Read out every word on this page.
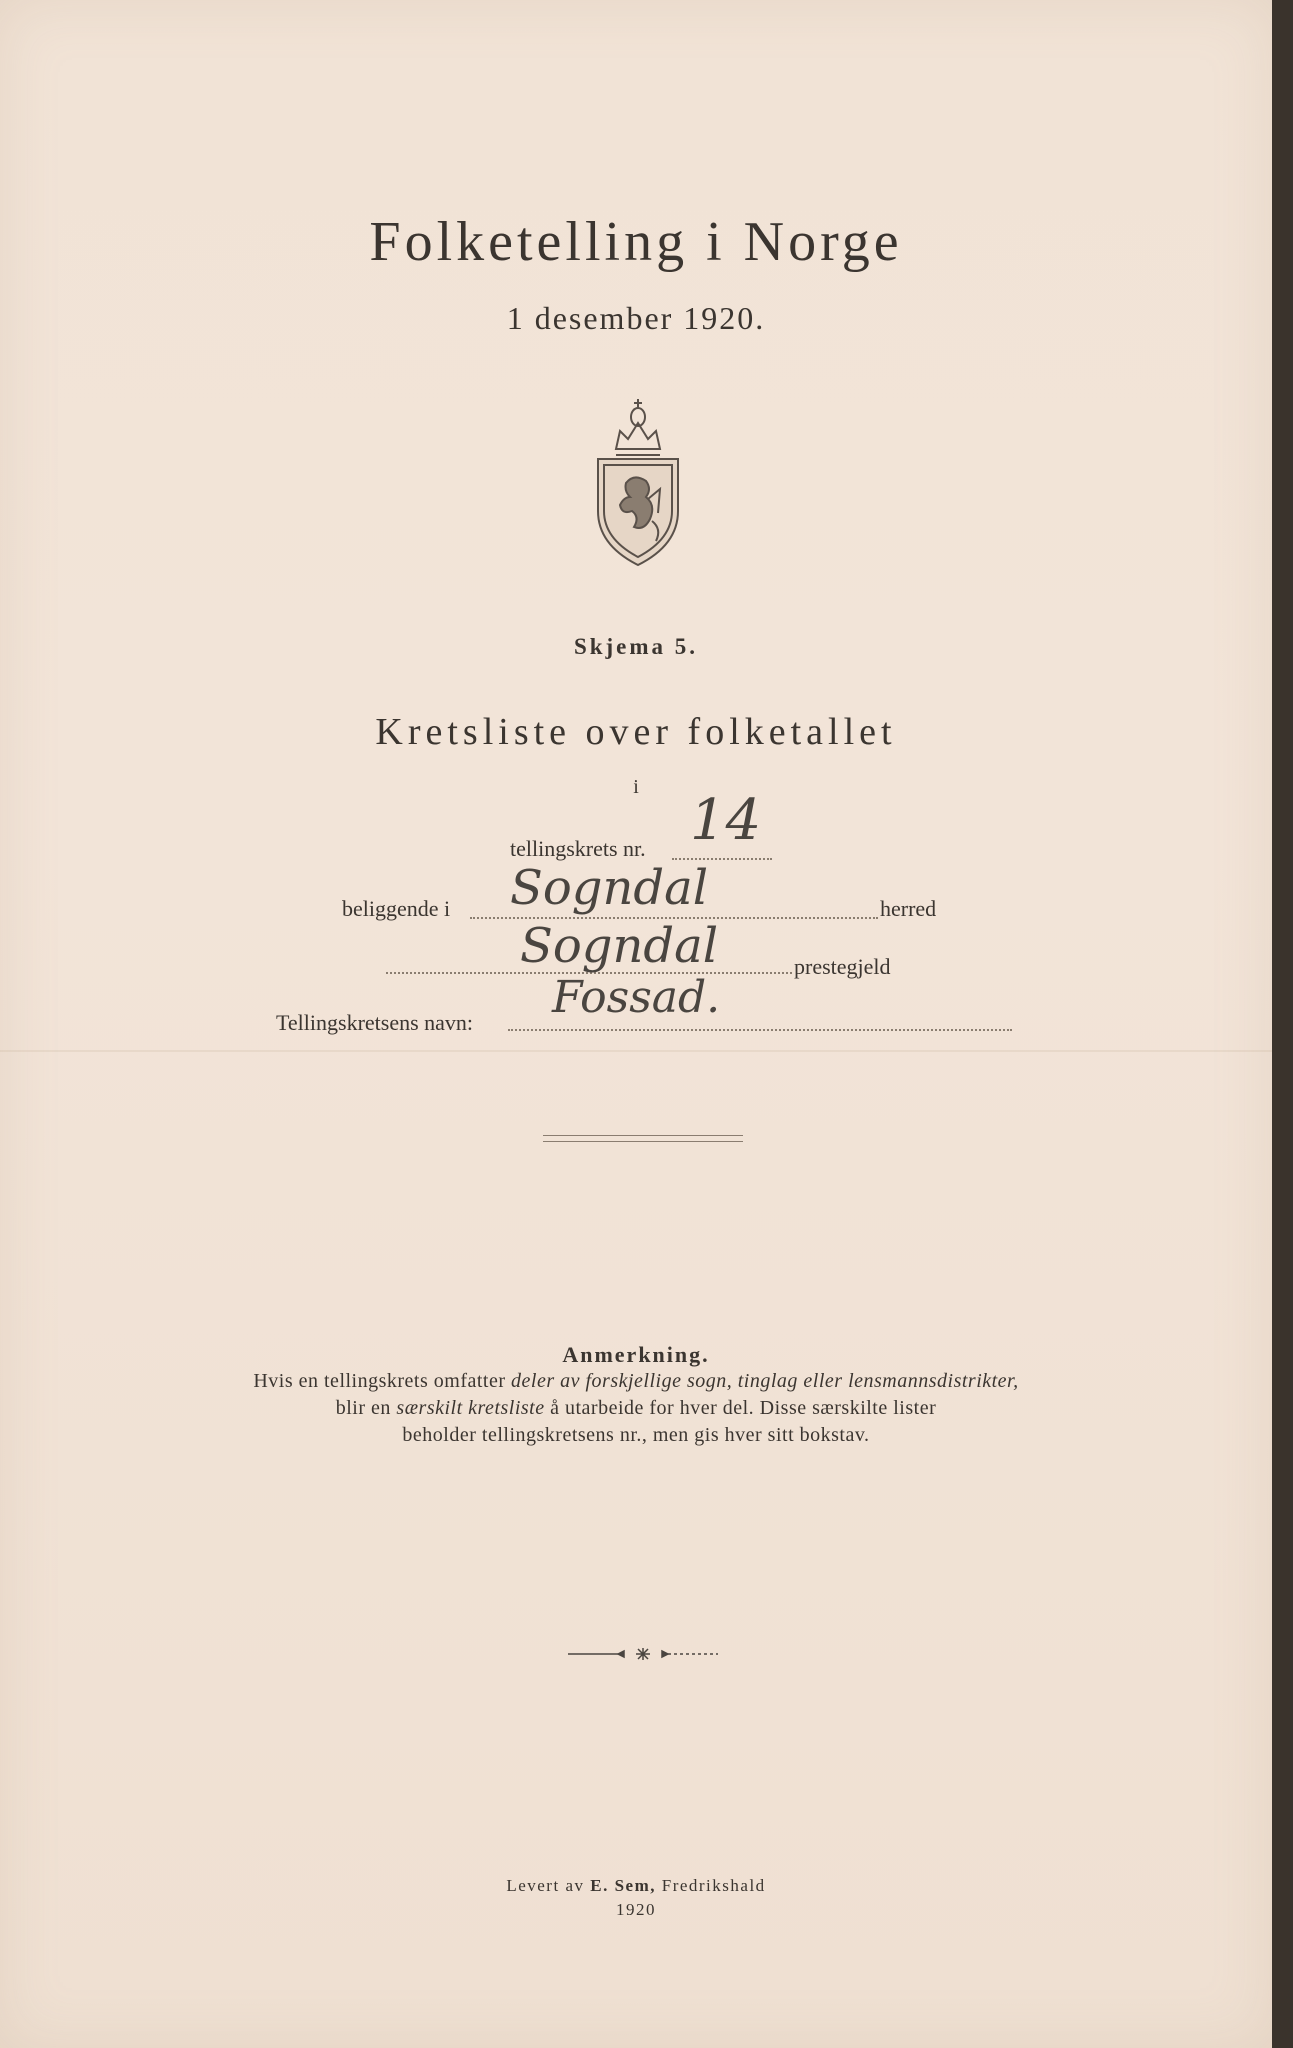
Folketelling i Norge
1 desember 1920.
Skjema 5.
Kretsliste over folketallet
i
tellingskrets nr. 14
beliggende i Sogndal	herred
Sogndal	prestegjeld
Tellingskretsens navn: Fossad.
Anmerkning.
Hvis en tellingskrets omfatter deler av forskjellige sogn, tinglag eller lensmannsdistrikter,
blir en særskilt kretsliste å utarbeide for hver del. Disse særskilte lister
beholder tellingskretsens nr., men gis hver sitt bokstav.
Levert av E. Sem, Fredrikshald
1920
